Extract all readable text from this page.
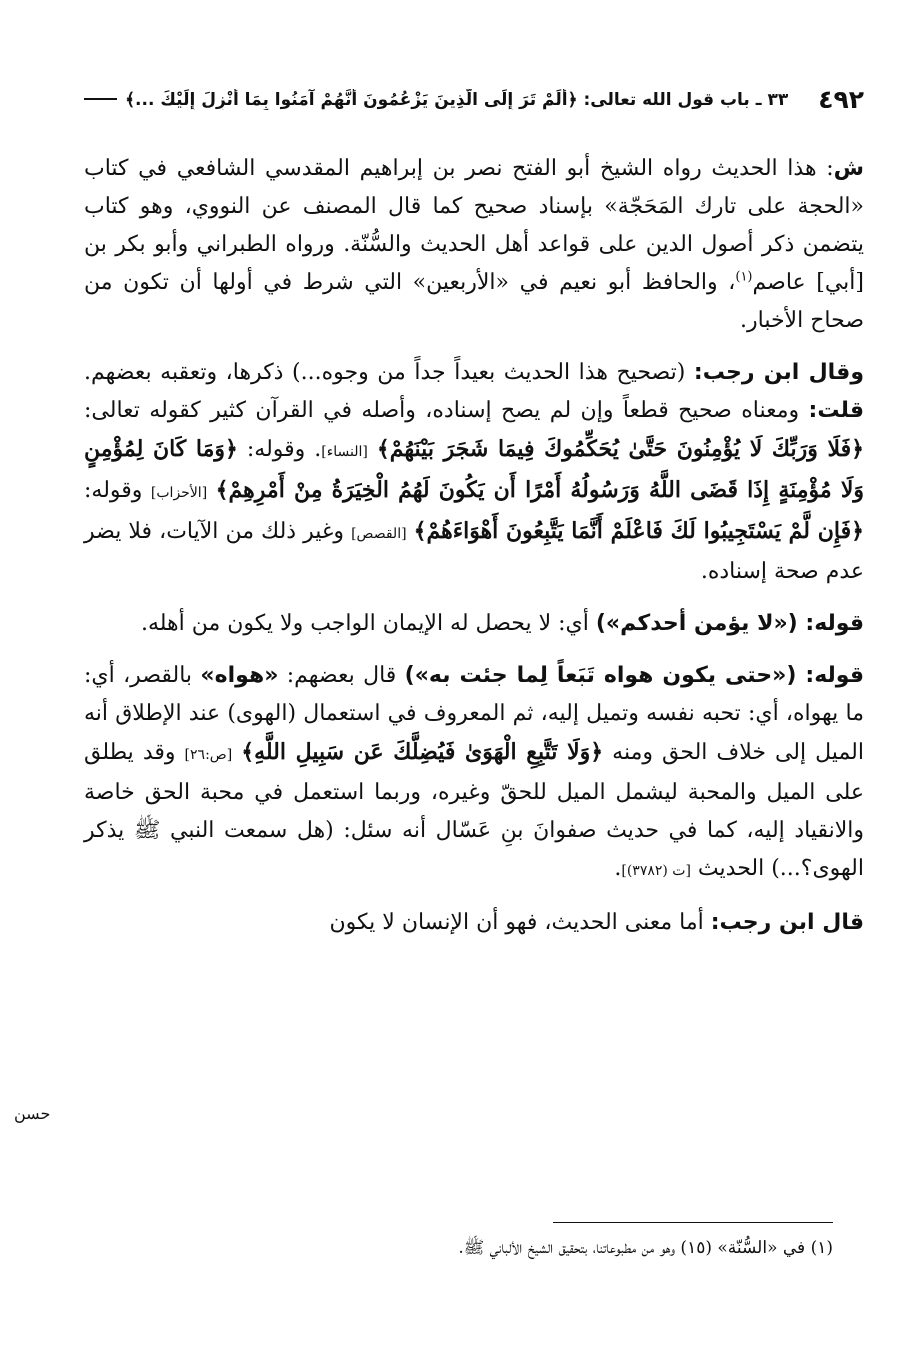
٤٩٢
٣٣ ـ باب قول الله تعالى: ﴿أَلَمْ تَرَ إِلَى الَّذِينَ يَزْعُمُونَ أَنَّهُمْ آمَنُوا بِمَا أُنْزِلَ إِلَيْكَ ...﴾

ش: هذا الحديث رواه الشيخ أبو الفتح نصر بن إبراهيم المقدسي الشافعي في كتاب «الحجة على تارك المَحَجّة» بإسناد صحيح كما قال المصنف عن النووي، وهو كتاب يتضمن ذكر أصول الدين على قواعد أهل الحديث والسُّنّة. ورواه الطبراني وأبو بكر بن [أبي] عاصم$^{(١)}$، والحافظ أبو نعيم في «الأربعين» التي شرط في أولها أن تكون من صحاح الأخبار.

وقال ابن رجب: (تصحيح هذا الحديث بعيداً جداً من وجوه...) ذكرها، وتعقبه بعضهم. قلت: ومعناه صحيح قطعاً وإن لم يصح إسناده، وأصله في القرآن كثير كقوله تعالى: ﴿فَلَا وَرَبِّكَ لَا يُؤْمِنُونَ حَتَّىٰ يُحَكِّمُوكَ فِيمَا شَجَرَ بَيْنَهُمْ﴾ [النساء]. وقوله: ﴿وَمَا كَانَ لِمُؤْمِنٍ وَلَا مُؤْمِنَةٍ إِذَا قَضَى اللَّهُ وَرَسُولُهُ أَمْرًا أَن يَكُونَ لَهُمُ الْخِيَرَةُ مِنْ أَمْرِهِمْ﴾ [الأحزاب] وقوله: ﴿فَإِن لَّمْ يَسْتَجِيبُوا لَكَ فَاعْلَمْ أَنَّمَا يَتَّبِعُونَ أَهْوَاءَهُمْ﴾ [القصص] وغير ذلك من الآيات، فلا يضر عدم صحة إسناده.

قوله: («لا يؤمن أحدكم») أي: لا يحصل له الإيمان الواجب ولا يكون من أهله.

قوله: («حتى يكون هواه تَبَعاً لِما جئت به») قال بعضهم: «هواه» بالقصر، أي: ما يهواه، أي: تحبه نفسه وتميل إليه، ثم المعروف في استعمال (الهوى) عند الإطلاق أنه الميل إلى خلاف الحق ومنه ﴿وَلَا تَتَّبِعِ الْهَوَىٰ فَيُضِلَّكَ عَن سَبِيلِ اللَّهِ﴾ [ص:٢٦] وقد يطلق على الميل والمحبة ليشمل الميل للحقّ وغيره، وربما استعمل في محبة الحق خاصة والانقياد إليه، كما في حديث صفوانَ بنِ عَسّال أنه سئل: (هل سمعت النبي ﷺ يذكر الهوى؟...) الحديث [ت (٣٧٨٢)].

قال ابن رجب: أما معنى الحديث، فهو أن الإنسان لا يكون

حسن
(١) في «السُّنّة» (١٥) وهو من مطبوعاتنا، بتحقيق الشيخ الألباني ﷺ.
